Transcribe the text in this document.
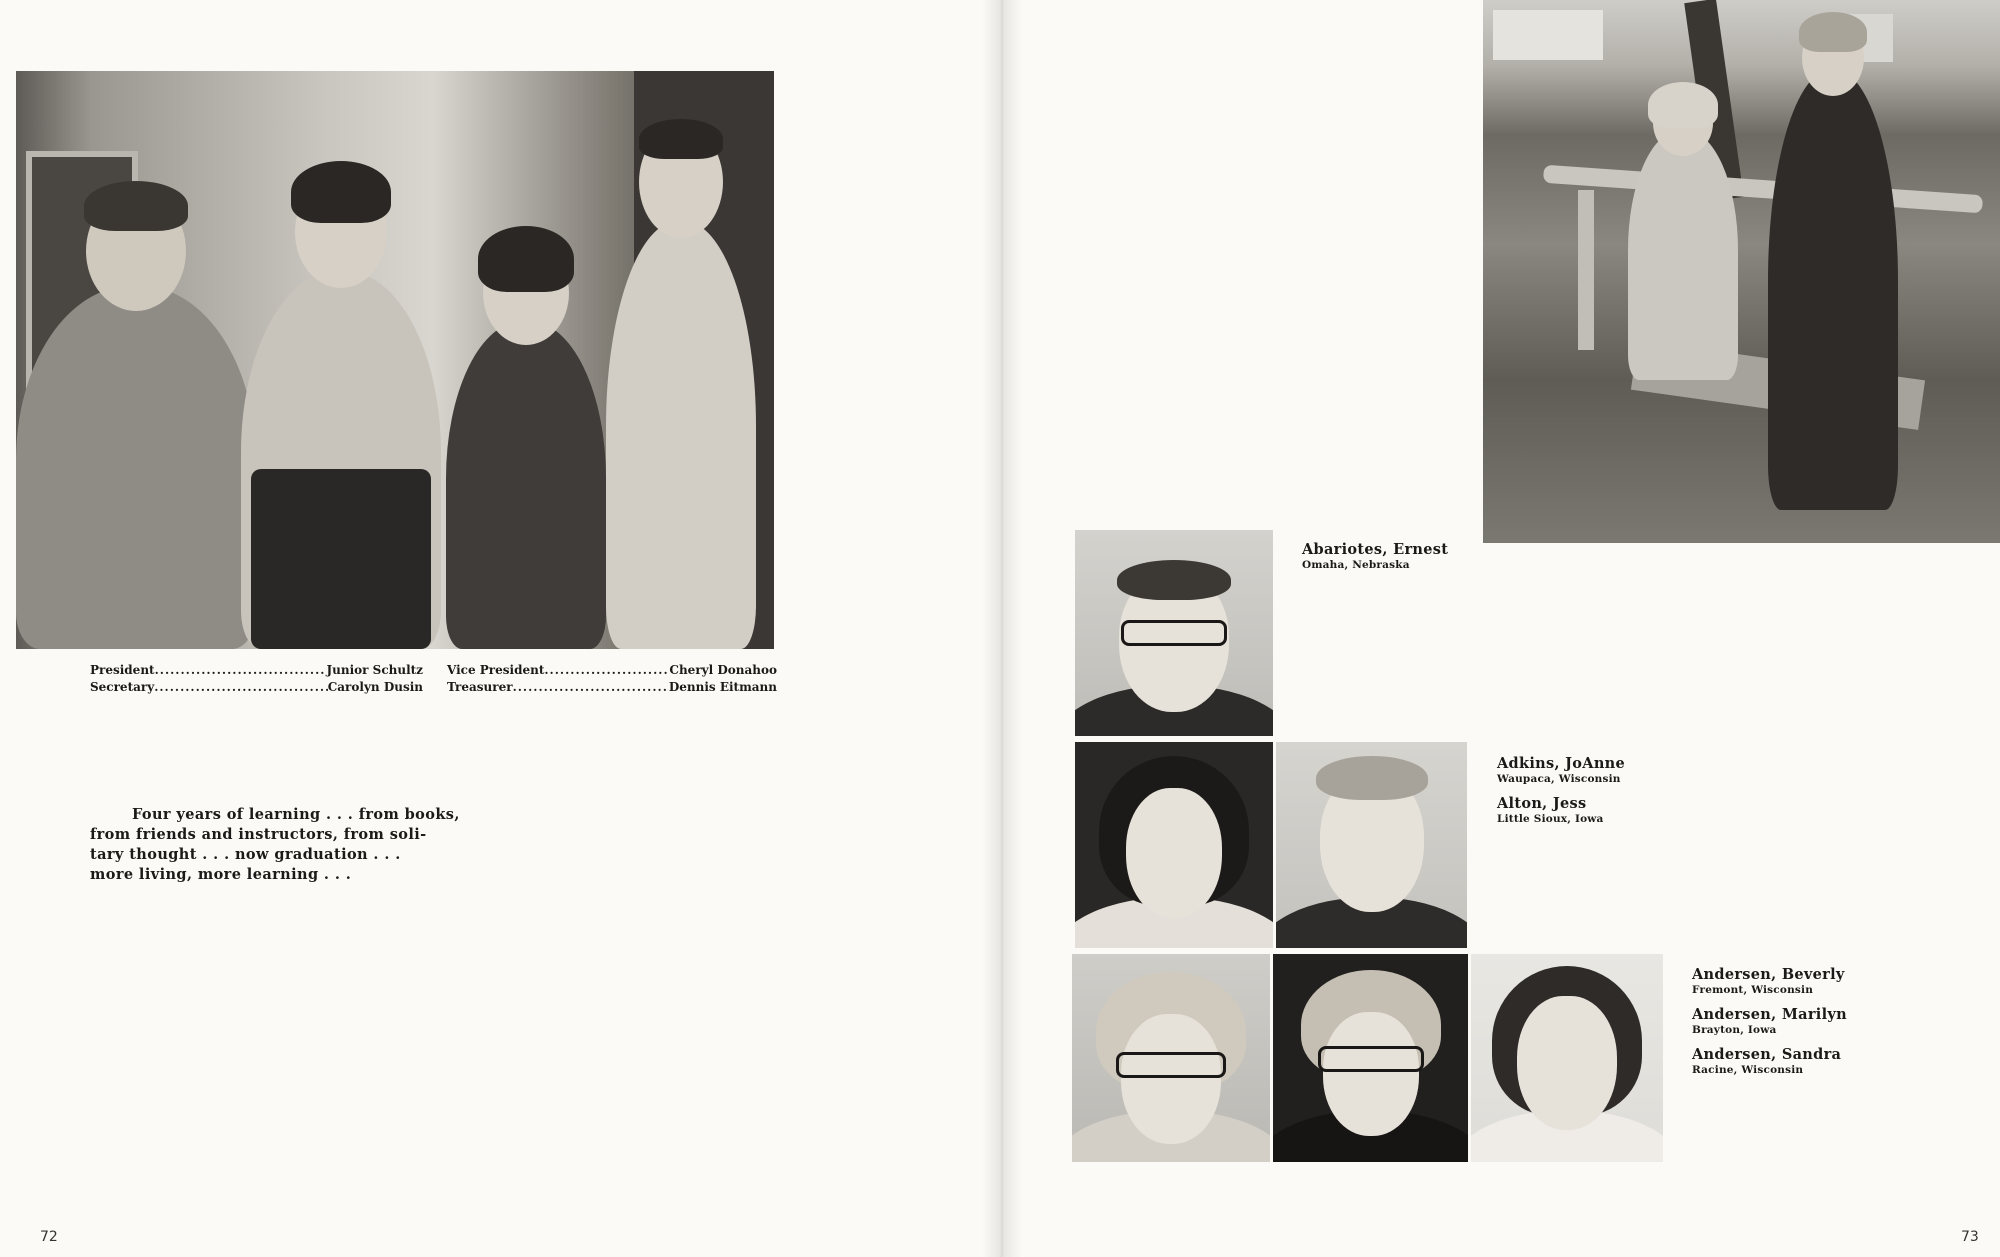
President .....	Junior Schultz
Secretary .....	Carolyn Dusin
Vice President .....	Cheryl Donahoo
Treasurer .....	Dennis Eitmann

Four years of learning . . . from books,

from friends and instructors, from soli-

tary thought . . . now graduation . . .

more living, more learning . . .

72
Abariotes, Ernest
Omaha, Nebraska
Adkins, JoAnne
Waupaca, Wisconsin
Alton, Jess
Little Sioux, Iowa
Andersen, Beverly
Fremont, Wisconsin
Andersen, Marilyn
Brayton, Iowa
Andersen, Sandra
Racine, Wisconsin
73
